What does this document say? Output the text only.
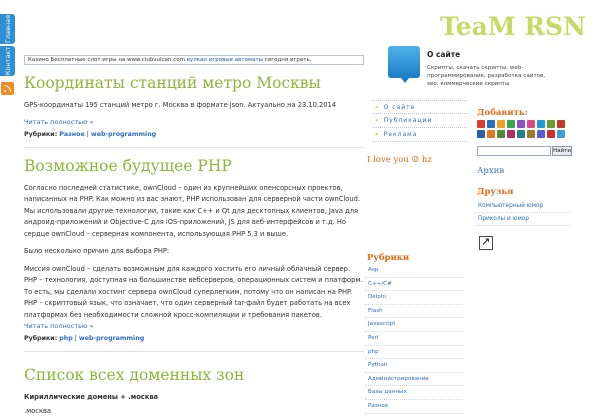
Главная
Контакт
TeaM RSN
Казино Бесплатные слот игры на www.clubvulcan.com вулкан игровые автоматы сегодня играть.
Координаты станций метро Москвы

GPS-координаты 195 станций метро г. Москва в формате json. Актуально на 23.10.2014

Читать полностью »
Рубрики: Разное | web-programming
Возможное будущее PHP

Согласно последней статистике, ownCloud – один из крупнейших опенсорсных проектов, написанных на PHP. Как можно из вас знают, PHP использован для серверной части ownCloud. Мы использовали другие технологии, такие как C++ и Qt для десктопных клиентов, Java для андроид-приложений и Objective-C для iOS-приложений, JS для веб-интерфейсов и т.д. Но сердце ownCloud – серверная компонента, использующая PHP 5.3 и выше.

Было несколько причин для выбора PHP:

Миссия ownCloud – сделать возможным для каждого хостить его личный облачный сервер. PHP – технология, доступная на большинстве вебсерверов, операционных систем и платформ. То есть, мы сделали хостинг сервера ownCloud суперлегким, потому что он написан на PHP. PHP – скриптовый язык, что означает, что один серверный tar-файл будет работать на всех платформах без необходимости сложной кросс-компиляции и требования пакетов.

Читать полностью »
Рубрики: php | web-programming
Список всех доменных зон

Кириллические домены + .москва

.москва

О сайте
Скрипты, скачать скрипты, web-программирование, разработка сайтов, seo, коммерческие скрипты
» О сайте
» Публикации
» Реклама
I love you ☺ hz
Рубрики
Asp
C++/C#
Delphi
Flash
Javascript
Perl
php
Python
Администрирование
Базы данных
Разное
Добавить:
Найти
Архив
Друзья
Компьютерный юмор
Приколы и юмор
↗
